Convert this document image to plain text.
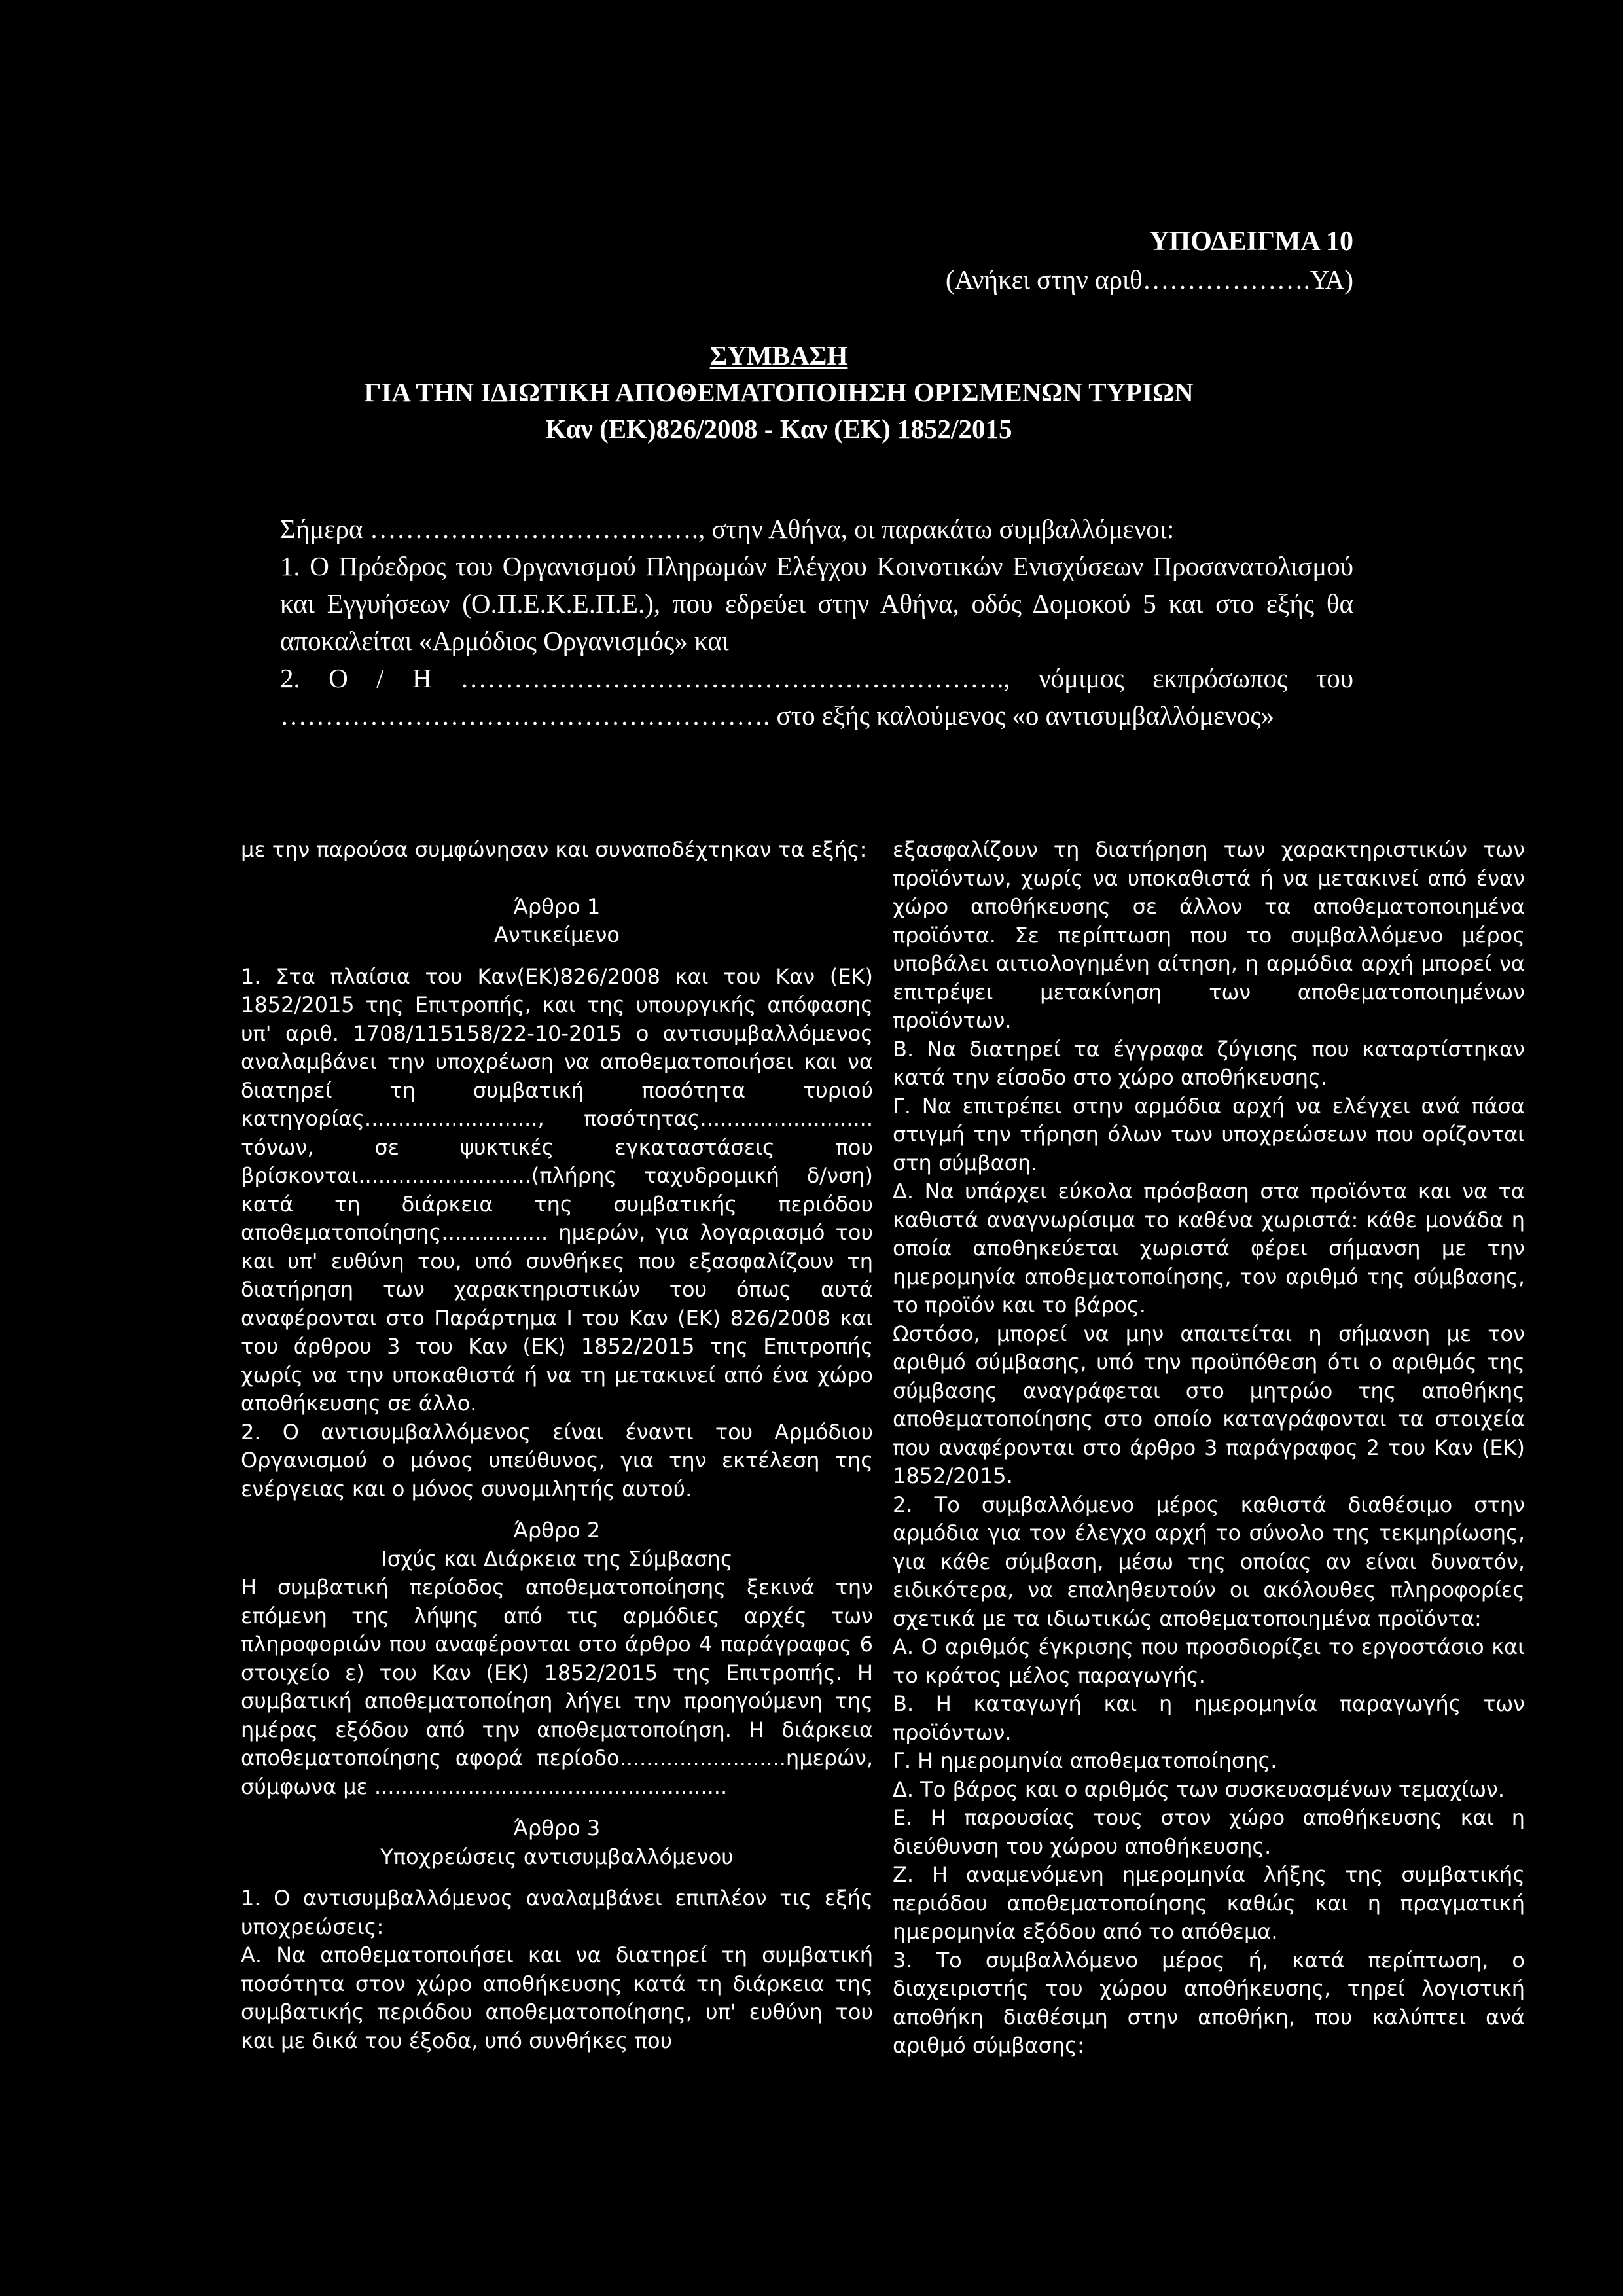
ΥΠΟΔΕΙΓΜΑ 10
(Ανήκει στην αριθ……………….ΥΑ)
ΣΥΜΒΑΣΗ
ΓΙΑ ΤΗΝ ΙΔΙΩΤΙΚΗ ΑΠΟΘΕΜΑΤΟΠΟΙΗΣΗ ΟΡΙΣΜΕΝΩΝ ΤΥΡΙΩΝ
Καν (ΕΚ)826/2008 - Καν (ΕΚ) 1852/2015

Σήμερα ………………………………., στην Αθήνα, οι παρακάτω συμβαλλόμενοι:

1. Ο Πρόεδρος του Οργανισμού Πληρωμών Ελέγχου Κοινοτικών Ενισχύσεων Προσανατολισμού και Εγγυήσεων (Ο.Π.Ε.Κ.Ε.Π.Ε.), που εδρεύει στην Αθήνα, οδός Δομοκού 5 και στο εξής θα αποκαλείται «Αρμόδιος Οργανισμός» και

2. Ο / Η ……………………………………………………., νόμιμος εκπρόσωπος του ………………………………………………. στο εξής καλούμενος «ο αντισυμβαλλόμενος»

με την παρούσα συμφώνησαν και συναποδέχτηκαν τα εξής:

Άρθρο 1

Αντικείμενο

1. Στα πλαίσια του Καν(ΕΚ)826/2008 και του Καν (ΕΚ) 1852/2015 της Επιτροπής, και της υπουργικής απόφασης υπ' αριθ. 1708/115158/22-10-2015 ο αντισυμβαλλόμενος αναλαμβάνει την υποχρέωση να αποθεματοποιήσει και να διατηρεί τη συμβατική ποσότητα τυριού κατηγορίας.........................., ποσότητας.......................... τόνων, σε ψυκτικές εγκαταστάσεις που βρίσκονται..........................(πλήρης ταχυδρομική δ/νση) κατά τη διάρκεια της συμβατικής περιόδου αποθεματοποίησης................ ημερών, για λογαριασμό του και υπ' ευθύνη του, υπό συνθήκες που εξασφαλίζουν τη διατήρηση των χαρακτηριστικών του όπως αυτά αναφέρονται στο Παράρτημα Ι του Καν (ΕΚ) 826/2008 και του άρθρου 3 του Καν (ΕΚ) 1852/2015 της Επιτροπής χωρίς να την υποκαθιστά ή να τη μετακινεί από ένα χώρο αποθήκευσης σε άλλο.

2. Ο αντισυμβαλλόμενος είναι έναντι του Αρμόδιου Οργανισμού ο μόνος υπεύθυνος, για την εκτέλεση της ενέργειας και ο μόνος συνομιλητής αυτού.

Άρθρο 2

Ισχύς και Διάρκεια της Σύμβασης

Η συμβατική περίοδος αποθεματοποίησης ξεκινά την επόμενη της λήψης από τις αρμόδιες αρχές των πληροφοριών που αναφέρονται στο άρθρο 4 παράγραφος 6 στοιχείο ε) του Καν (ΕΚ) 1852/2015 της Επιτροπής. Η συμβατική αποθεματοποίηση λήγει την προηγούμενη της ημέρας εξόδου από την αποθεματοποίηση. Η διάρκεια αποθεματοποίησης αφορά περίοδο.........................ημερών, σύμφωνα με .....................................................

Άρθρο 3

Υποχρεώσεις αντισυμβαλλόμενου

1. Ο αντισυμβαλλόμενος αναλαμβάνει επιπλέον τις εξής υποχρεώσεις:

Α. Να αποθεματοποιήσει και να διατηρεί τη συμβατική ποσότητα στον χώρο αποθήκευσης κατά τη διάρκεια της συμβατικής περιόδου αποθεματοποίησης, υπ' ευθύνη του και με δικά του έξοδα, υπό συνθήκες που

εξασφαλίζουν τη διατήρηση των χαρακτηριστικών των προϊόντων, χωρίς να υποκαθιστά ή να μετακινεί από έναν χώρο αποθήκευσης σε άλλον τα αποθεματοποιημένα προϊόντα. Σε περίπτωση που το συμβαλλόμενο μέρος υποβάλει αιτιολογημένη αίτηση, η αρμόδια αρχή μπορεί να επιτρέψει μετακίνηση των αποθεματοποιημένων προϊόντων.

Β. Να διατηρεί τα έγγραφα ζύγισης που καταρτίστηκαν κατά την είσοδο στο χώρο αποθήκευσης.

Γ. Να επιτρέπει στην αρμόδια αρχή να ελέγχει ανά πάσα στιγμή την τήρηση όλων των υποχρεώσεων που ορίζονται στη σύμβαση.

Δ. Να υπάρχει εύκολα πρόσβαση στα προϊόντα και να τα καθιστά αναγνωρίσιμα το καθένα χωριστά: κάθε μονάδα η οποία αποθηκεύεται χωριστά φέρει σήμανση με την ημερομηνία αποθεματοποίησης, τον αριθμό της σύμβασης, το προϊόν και το βάρος.

Ωστόσο, μπορεί να μην απαιτείται η σήμανση με τον αριθμό σύμβασης, υπό την προϋπόθεση ότι ο αριθμός της σύμβασης αναγράφεται στο μητρώο της αποθήκης αποθεματοποίησης στο οποίο καταγράφονται τα στοιχεία που αναφέρονται στο άρθρο 3 παράγραφος 2 του Καν (ΕΚ) 1852/2015.

2. Το συμβαλλόμενο μέρος καθιστά διαθέσιμο στην αρμόδια για τον έλεγχο αρχή το σύνολο της τεκμηρίωσης, για κάθε σύμβαση, μέσω της οποίας αν είναι δυνατόν, ειδικότερα, να επαληθευτούν οι ακόλουθες πληροφορίες σχετικά με τα ιδιωτικώς αποθεματοποιημένα προϊόντα:

Α. Ο αριθμός έγκρισης που προσδιορίζει το εργοστάσιο και το κράτος μέλος παραγωγής.

Β. Η καταγωγή και η ημερομηνία παραγωγής των προϊόντων.

Γ. Η ημερομηνία αποθεματοποίησης.

Δ. Το βάρος και ο αριθμός των συσκευασμένων τεμαχίων.

Ε. Η παρουσίας τους στον χώρο αποθήκευσης και η διεύθυνση του χώρου αποθήκευσης.

Ζ. Η αναμενόμενη ημερομηνία λήξης της συμβατικής περιόδου αποθεματοποίησης καθώς και η πραγματική ημερομηνία εξόδου από το απόθεμα.

3. Το συμβαλλόμενο μέρος ή, κατά περίπτωση, ο διαχειριστής του χώρου αποθήκευσης, τηρεί λογιστική αποθήκη διαθέσιμη στην αποθήκη, που καλύπτει ανά αριθμό σύμβασης:
